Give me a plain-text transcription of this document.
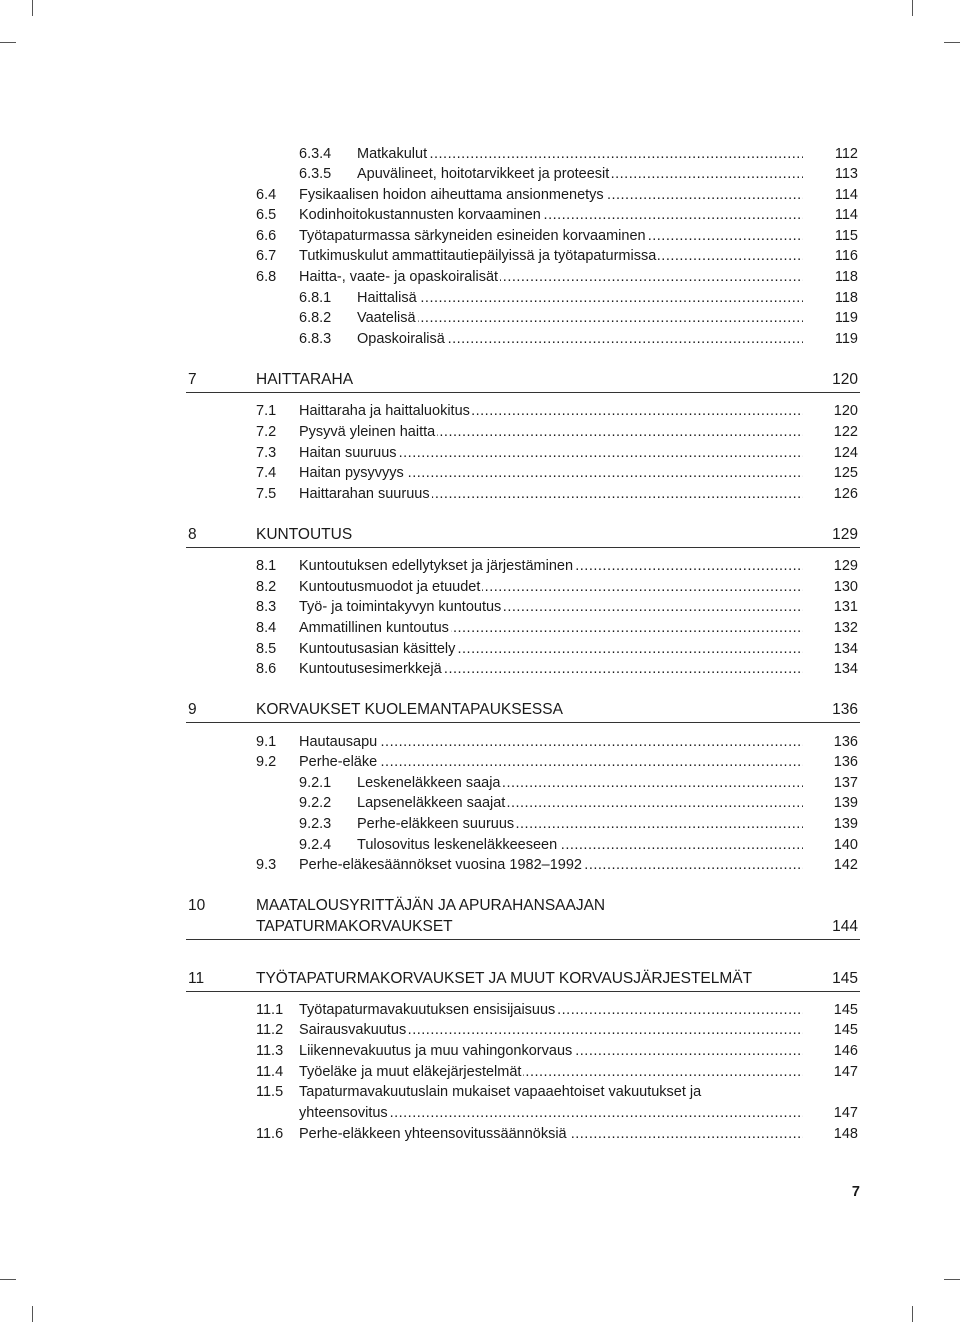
6.3.4 Matkakulut .....	112
6.3.5 Apuvälineet, hoitotarvikkeet ja proteesit .....	113
6.4 Fysikaalisen hoidon aiheuttama ansionmenetys .....	114
6.5 Kodinhoitokustannusten korvaaminen .....	114
6.6 Työtapaturmassa särkyneiden esineiden korvaaminen .....	115
6.7 Tutkimuskulut ammattitautiepäilyissä ja työtapaturmissa .....	116
6.8 Haitta-, vaate- ja opaskoiralisät .....	118
6.8.1 Haittalisä .....	118
6.8.2 Vaatelisä .....	119
6.8.3 Opaskoiralisä .....	119
7	HAITTARAHA	120
7.1 Haittaraha ja haittaluokitus .....	120
7.2 Pysyvä yleinen haitta .....	122
7.3 Haitan suuruus .....	124
7.4 Haitan pysyvyys .....	125
7.5 Haittarahan suuruus .....	126
8	KUNTOUTUS	129
8.1 Kuntoutuksen edellytykset ja järjestäminen .....	129
8.2 Kuntoutusmuodot ja etuudet .....	130
8.3 Työ- ja toimintakyvyn kuntoutus .....	131
8.4 Ammatillinen kuntoutus .....	132
8.5 Kuntoutusasian käsittely .....	134
8.6 Kuntoutusesimerkkejä .....	134
9	KORVAUKSET KUOLEMANTAPAUKSESSA	136
9.1 Hautausapu .....	136
9.2 Perhe-eläke .....	136
9.2.1 Leskeneläkkeen saaja .....	137
9.2.2 Lapseneläkkeen saajat .....	139
9.2.3 Perhe-eläkkeen suuruus .....	139
9.2.4 Tulosovitus leskeneläkkeeseen .....	140
9.3 Perhe-eläkesäännökset vuosina 1982–1992 .....	142
10	MAATALOUSYRITTÄJÄN JA APURAHANSAAJAN
TAPATURMAKORVAUKSET	144
11	TYÖTAPATURMAKORVAUKSET JA MUUT KORVAUSJÄRJESTELMÄT	145
11.1 Työtapaturmavakuutuksen ensisijaisuus .....	145
11.2 Sairausvakuutus .....	145
11.3 Liikennevakuutus ja muu vahingonkorvaus .....	146
11.4 Työeläke ja muut eläkejärjestelmät .....	147
11.5 Tapaturmavakuutuslain mukaiset vapaaehtoiset vakuutukset ja
yhteensovitus .....	147
11.6 Perhe-eläkkeen yhteensovitussäännöksiä .....	148
7
